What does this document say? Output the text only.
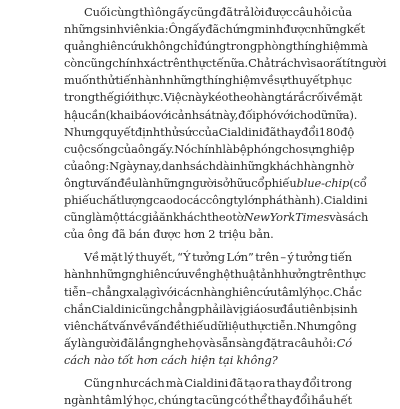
Cuối cùng thì ông ấy cũng đã trả lời được câu hỏi của
những sinh viên kia: Ông ấy đã chứng minh được những kết
quả nghiên cứu không chỉ đúng trong phòng thí nghiệm mà
còn cũng chính xác trên thực tế nữa. Chả trách vì sao rất ít người
muốn thử tiến hành những thí nghiệm về sự thuyết phục
trong thế giới thực. Việc này kéo theo hàng tá rắc rối về mặt
hậu cần (khai báo với cảnh sát này, đối phó với cho dữ nữa).
Nhưng quyết định thử sức của Cialdini đã thay đổi 180 độ
cuộc sống của ông ấy. Nó chính là bệ phóng cho sự nghiệp
của ông: Ngày nay, danh sách dài những khách hàng nhờ
ông tư vấn đều là những người sở hữu cổ phiếu blue-chip (cổ
phiếu chất lượng cao do các công ty lớn phát hành). Cialdini
cũng là một tác giả ăn khách theo tờ New York Times và sách
của ông đã bán được hơn 2 triệu bản.
Về mặt lý thuyết, “Ý tưởng Lớn” trên – ý tưởng tiến
hành những nghiên cứu về nghệ thuật ảnh hưởng trên thực
tiễn – chẳng xa lạ gì với các nhà nghiên cứu tâm lý học. Chắc
chắn Cialdini cũng chẳng phải là vị giáo sư đầu tiên bị sinh
viên chất vấn về vấn đề thiếu dữ liệu thực tiễn. Nhưng ông
ấy là người đã lắng nghe họ và sẵn sàng đặt ra câu hỏi: Có
cách nào tốt hơn cách hiện tại không?
Cũng như cách mà Cialdini đã tạo ra thay đổi trong
ngành tâm lý học, chúng ta cũng có thể thay đổi hầu hết
